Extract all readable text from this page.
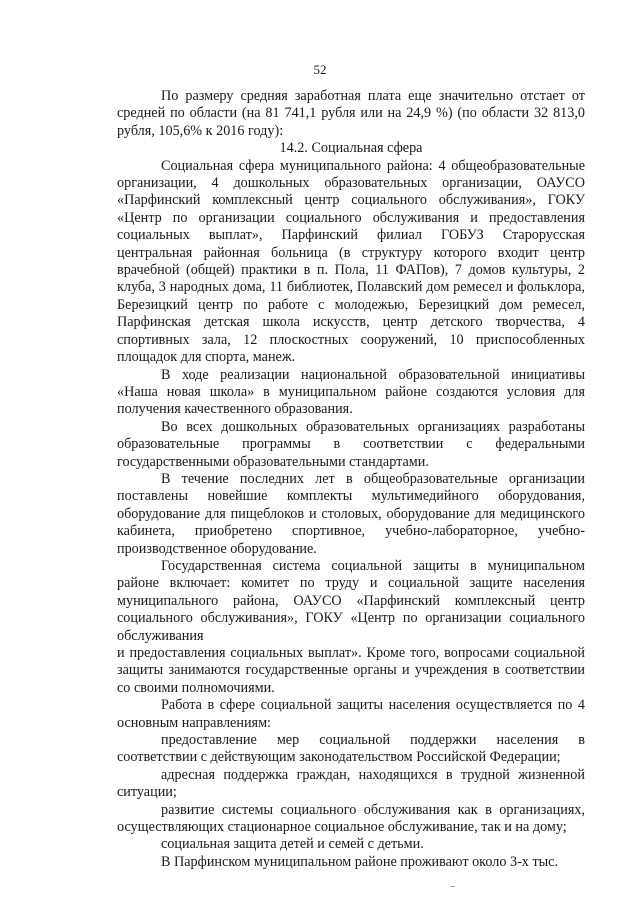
52

По размеру средняя заработная плата еще значительно отстает от средней по области (на 81 741,1 рубля или на 24,9 %) (по области 32 813,0 рубля, 105,6% к 2016 году):

14.2. Социальная сфера

Социальная сфера муниципального района: 4 общеобразовательные организации, 4 дошкольных образовательных организации, ОАУСО «Парфинский комплексный центр социального обслуживания», ГОКУ «Центр по организации социального обслуживания и предоставления социальных выплат», Парфинский филиал ГОБУЗ Старорусская центральная районная больница (в структуру которого входит центр врачебной (общей) практики в п. Пола, 11 ФАПов), 7 домов культуры, 2 клуба, 3 народных дома, 11 библиотек, Полавский дом ремесел и фольклора, Березицкий центр по работе с молодежью, Березицкий дом ремесел, Парфинская детская школа искусств, центр детского творчества, 4 спортивных зала, 12 плоскостных сооружений, 10 приспособленных площадок для спорта, манеж.

В ходе реализации национальной образовательной инициативы «Наша новая школа» в муниципальном районе создаются условия для получения качественного образования.

Во всех дошкольных образовательных организациях разработаны образовательные программы в соответствии с федеральными государственными образовательными стандартами.

В течение последних лет в общеобразовательные организации поставлены новейшие комплекты мультимедийного оборудования, оборудование для пищеблоков и столовых, оборудование для медицинского кабинета, приобретено спортивное, учебно-лабораторное, учебно-производственное оборудование.

Государственная система социальной защиты в муниципальном районе включает: комитет по труду и социальной защите населения муниципального района, ОАУСО «Парфинский комплексный центр социального обслуживания», ГОКУ «Центр по организации социального обслуживания

и предоставления социальных выплат». Кроме того, вопросами социальной защиты занимаются государственные органы и учреждения в соответствии со своими полномочиями.

Работа в сфере социальной защиты населения осуществляется по 4 основным направлениям:

предоставление мер социальной поддержки населения в соответствии с действующим законодательством Российской Федерации;

адресная поддержка граждан, находящихся в трудной жизненной ситуации;

развитие системы социального обслуживания как в организациях, осуществляющих стационарное социальное обслуживание, так и на дому;

социальная защита детей и семей с детьми.

В Парфинском муниципальном районе проживают около 3-х тыс.
